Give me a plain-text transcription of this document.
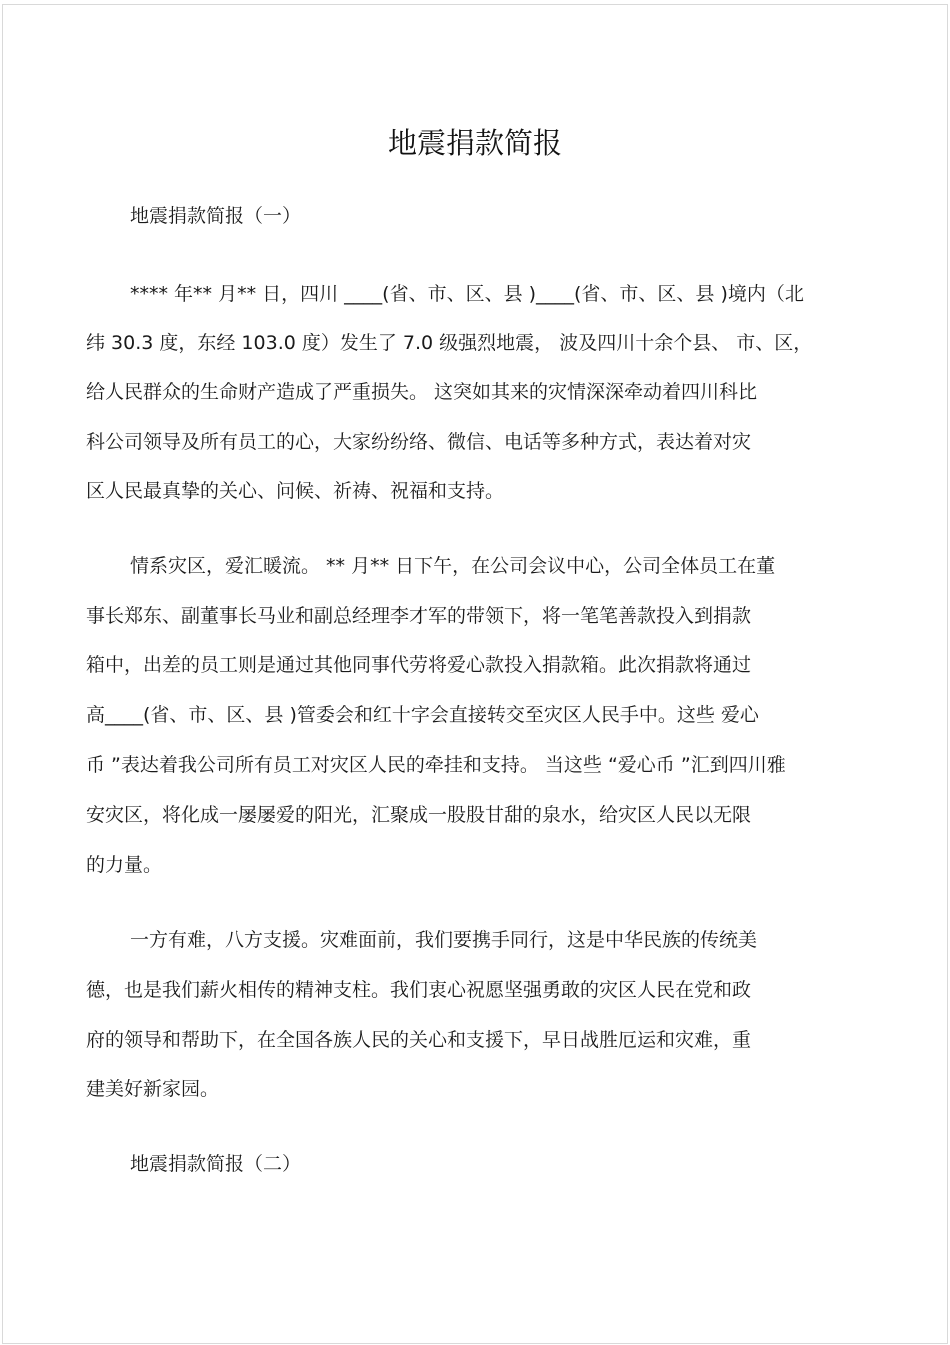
地震捐款简报
地震捐款简报（一）
**** 年** 月** 日，四川 ____(省、市、区、县 )____(省、市、区、县 )境内（北
纬 30.3 度，东经 103.0 度）发生了 7.0 级强烈地震， 波及四川十余个县、 市、区，
给人民群众的生命财产造成了严重损失。 这突如其来的灾情深深牵动着四川科比
科公司领导及所有员工的心，大家纷纷络、微信、电话等多种方式，表达着对灾
区人民最真挚的关心、问候、祈祷、祝福和支持。
情系灾区，爱汇暖流。 ** 月** 日下午，在公司会议中心，公司全体员工在董
事长郑东、副董事长马业和副总经理李才军的带领下，将一笔笔善款投入到捐款
箱中，出差的员工则是通过其他同事代劳将爱心款投入捐款箱。此次捐款将通过
高____(省、市、区、县 )管委会和红十字会直接转交至灾区人民手中。这些 爱心
币 ”表达着我公司所有员工对灾区人民的牵挂和支持。 当这些 “爱心币 ”汇到四川雅
安灾区，将化成一屡屡爱的阳光，汇聚成一股股甘甜的泉水，给灾区人民以无限
的力量。
一方有难，八方支援。灾难面前，我们要携手同行，这是中华民族的传统美
德，也是我们薪火相传的精神支柱。我们衷心祝愿坚强勇敢的灾区人民在党和政
府的领导和帮助下，在全国各族人民的关心和支援下，早日战胜厄运和灾难，重
建美好新家园。
地震捐款简报（二）
